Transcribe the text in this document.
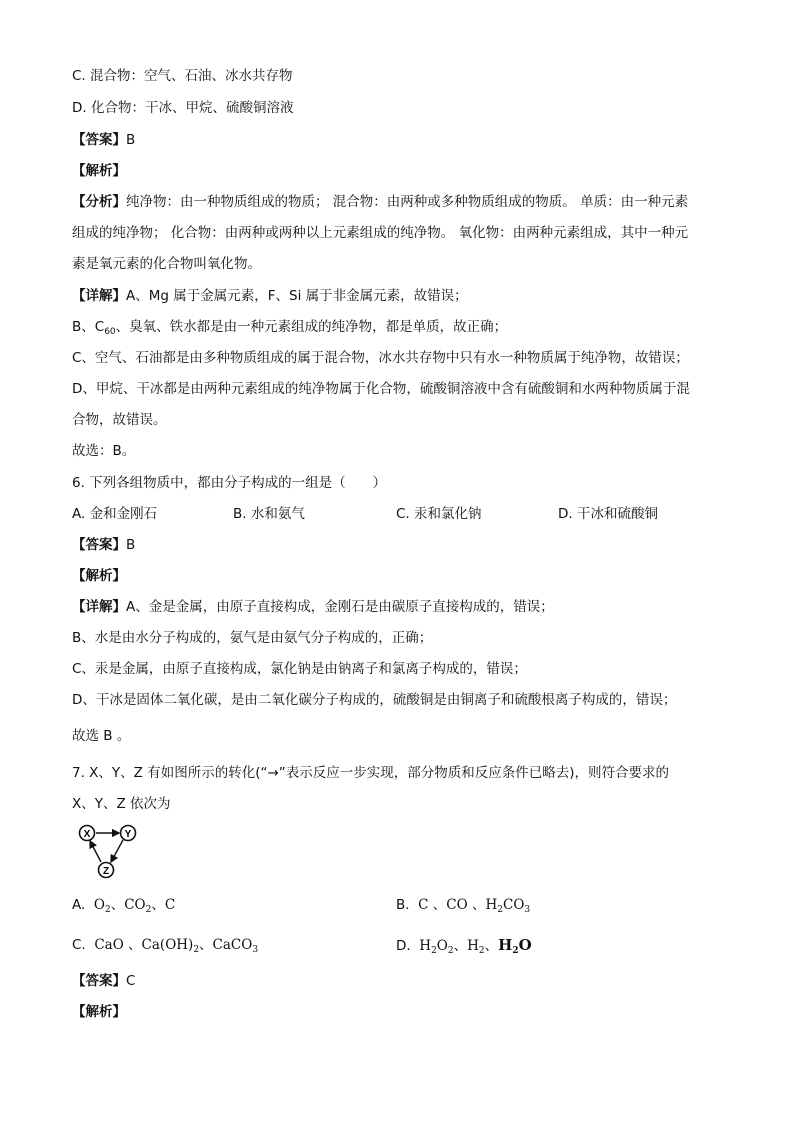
C. 混合物：空气、石油、冰水共存物
D. 化合物：干冰、甲烷、硫酸铜溶液
【答案】B
【解析】
【分析】纯净物：由一种物质组成的物质； 混合物：由两种或多种物质组成的物质。 单质：由一种元素
组成的纯净物； 化合物：由两种或两种以上元素组成的纯净物。 氧化物：由两种元素组成，其中一种元
素是氧元素的化合物叫氧化物。
【详解】A、Mg 属于金属元素，F、Si 属于非金属元素，故错误；
B、$C_{60}$、臭氧、铁水都是由一种元素组成的纯净物，都是单质，故正确；
C、空气、石油都是由多种物质组成的属于混合物，冰水共存物中只有水一种物质属于纯净物，故错误；
D、甲烷、干冰都是由两种元素组成的纯净物属于化合物，硫酸铜溶液中含有硫酸铜和水两种物质属于混
合物，故错误。
故选：B。
6. 下列各组物质中，都由分子构成的一组是（　　）
A. 金和金刚石	B. 水和氨气	C. 汞和氯化钠	D. 干冰和硫酸铜
【答案】B
【解析】
【详解】A、金是金属，由原子直接构成，金刚石是由碳原子直接构成的，错误；
B、水是由水分子构成的，氨气是由氨气分子构成的，正确；
C、汞是金属，由原子直接构成，氯化钠是由钠离子和氯离子构成的，错误；
D、干冰是固体二氧化碳，是由二氧化碳分子构成的，硫酸铜是由铜离子和硫酸根离子构成的，错误；
故选 B 。
7. X、Y、Z 有如图所示的转化(“→”表示反应一步实现，部分物质和反应条件已略去)，则符合要求的
X、Y、Z 依次为
X	Y
Z
A. $O_2$、$CO_2$、C	B. C 、CO 、$H_2CO_3$
C. CaO 、$Ca(OH)_2$、CaCO$_3$	D. $H_2O_2$、$H_2$、$H_2O$
【答案】C
【解析】
